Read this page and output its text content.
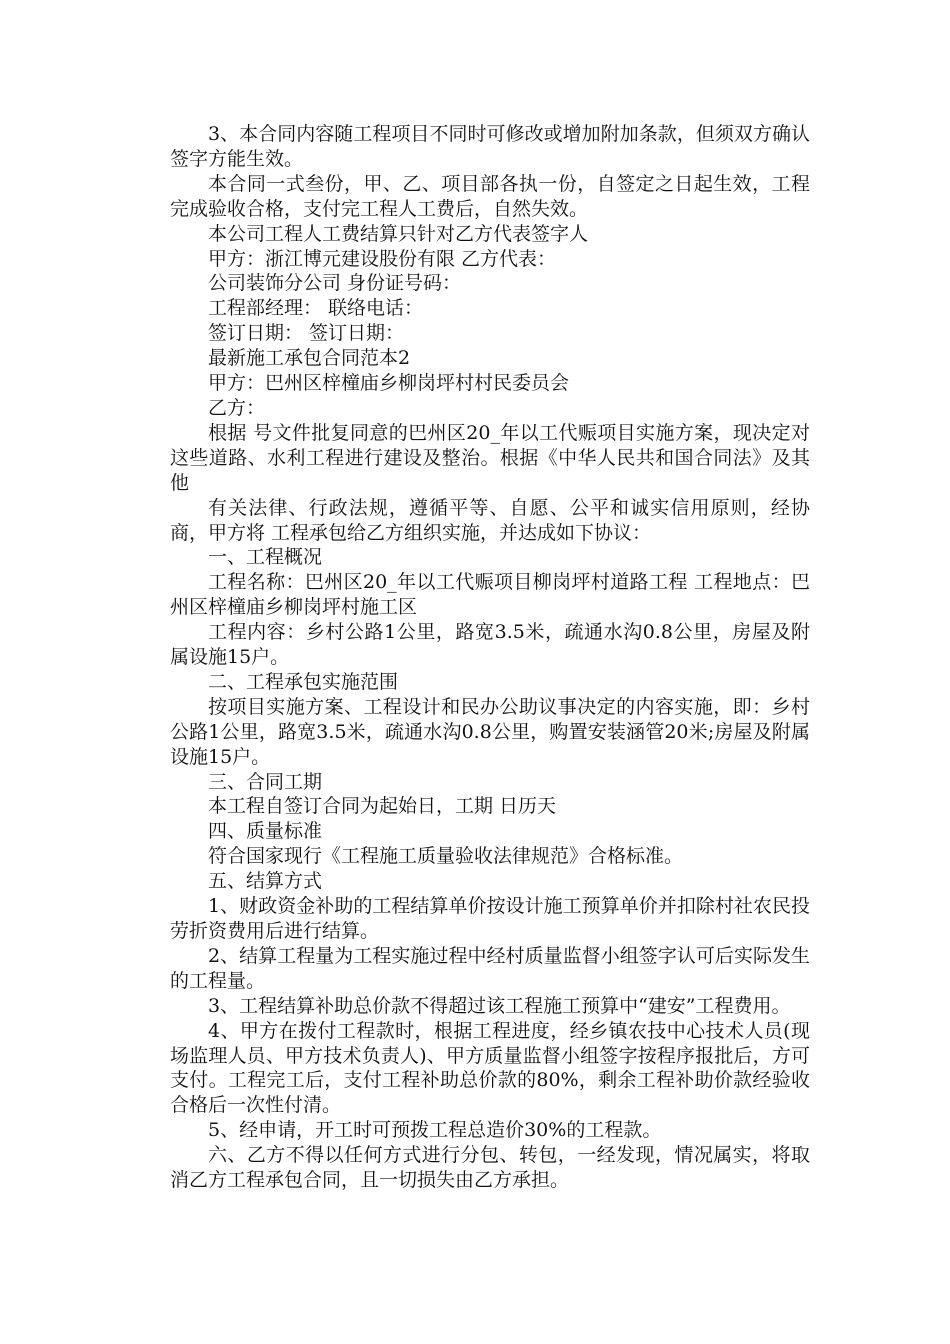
3、本合同内容随工程项目不同时可修改或增加附加条款，但须双方确认签字方能生效。

本合同一式叁份，甲、乙、项目部各执一份，自签定之日起生效，工程完成验收合格，支付完工程人工费后，自然失效。

本公司工程人工费结算只针对乙方代表签字人

甲方：浙江博元建设股份有限 乙方代表：

公司装饰分公司 身份证号码：

工程部经理： 联络电话：

签订日期： 签订日期：

最新施工承包合同范本2

甲方：巴州区梓橦庙乡柳岗坪村村民委员会

乙方：

根据 号文件批复同意的巴州区20_年以工代赈项目实施方案，现决定对这些道路、水利工程进行建设及整治。根据《中华人民共和国合同法》及其他

有关法律、行政法规，遵循平等、自愿、公平和诚实信用原则，经协商，甲方将 工程承包给乙方组织实施，并达成如下协议：

一、工程概况

工程名称：巴州区20_年以工代赈项目柳岗坪村道路工程 工程地点：巴州区梓橦庙乡柳岗坪村施工区

工程内容：乡村公路1公里，路宽3.5米，疏通水沟0.8公里，房屋及附属设施15户。

二、工程承包实施范围

按项目实施方案、工程设计和民办公助议事决定的内容实施，即：乡村公路1公里，路宽3.5米，疏通水沟0.8公里，购置安装涵管20米;房屋及附属设施15户。

三、合同工期

本工程自签订合同为起始日，工期 日历天

四、质量标准

符合国家现行《工程施工质量验收法律规范》合格标准。

五、结算方式

1、财政资金补助的工程结算单价按设计施工预算单价并扣除村社农民投劳折资费用后进行结算。

2、结算工程量为工程实施过程中经村质量监督小组签字认可后实际发生的工程量。

3、工程结算补助总价款不得超过该工程施工预算中“建安”工程费用。

4、甲方在拨付工程款时，根据工程进度，经乡镇农技中心技术人员(现场监理人员、甲方技术负责人)、甲方质量监督小组签字按程序报批后，方可支付。工程完工后，支付工程补助总价款的80%，剩余工程补助价款经验收合格后一次性付清。

5、经申请，开工时可预拨工程总造价30%的工程款。

六、乙方不得以任何方式进行分包、转包，一经发现，情况属实，将取消乙方工程承包合同，且一切损失由乙方承担。
